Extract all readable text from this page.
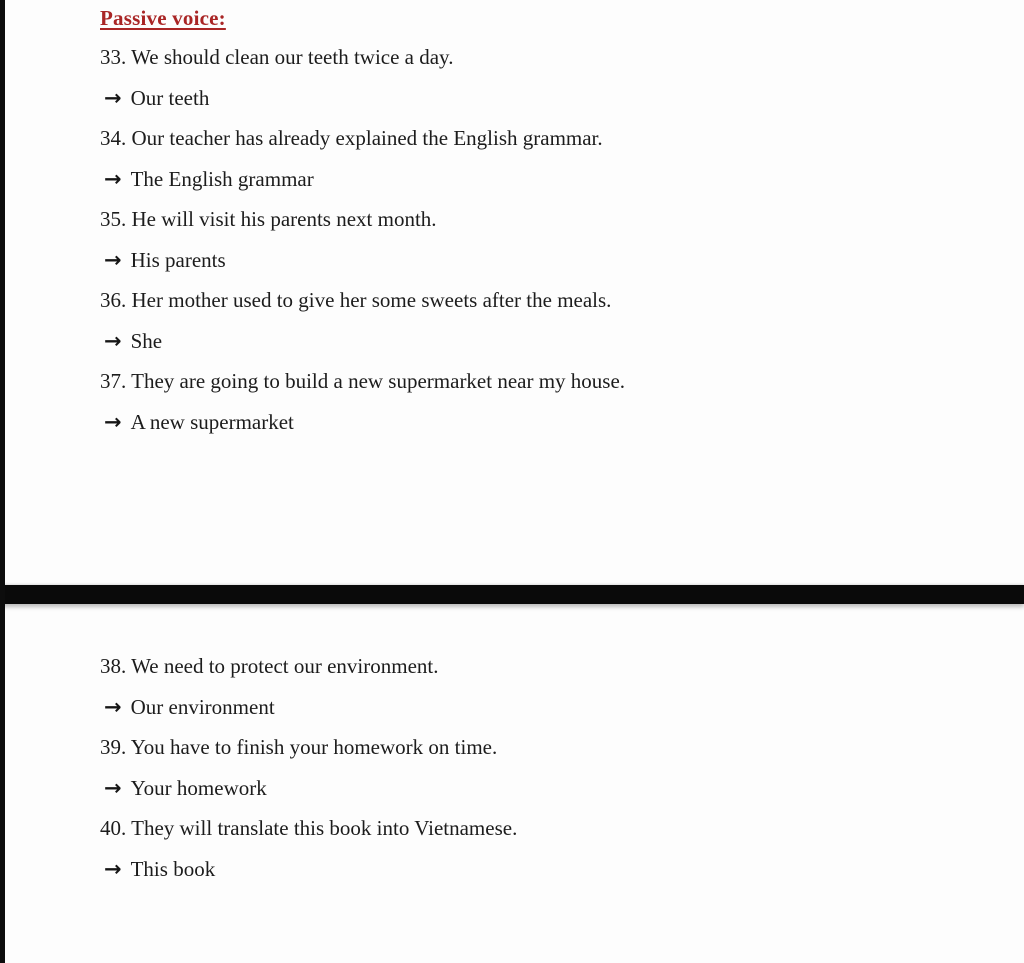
Passive voice:
33. We should clean our teeth twice a day.
→ Our teeth
34. Our teacher has already explained the English grammar.
→ The English grammar
35. He will visit his parents next month.
→ His parents
36. Her mother used to give her some sweets after the meals.
→ She
37. They are going to build a new supermarket near my house.
→ A new supermarket
38. We need to protect our environment.
→ Our environment
39. You have to finish your homework on time.
→ Your homework
40. They will translate this book into Vietnamese.
→ This book
